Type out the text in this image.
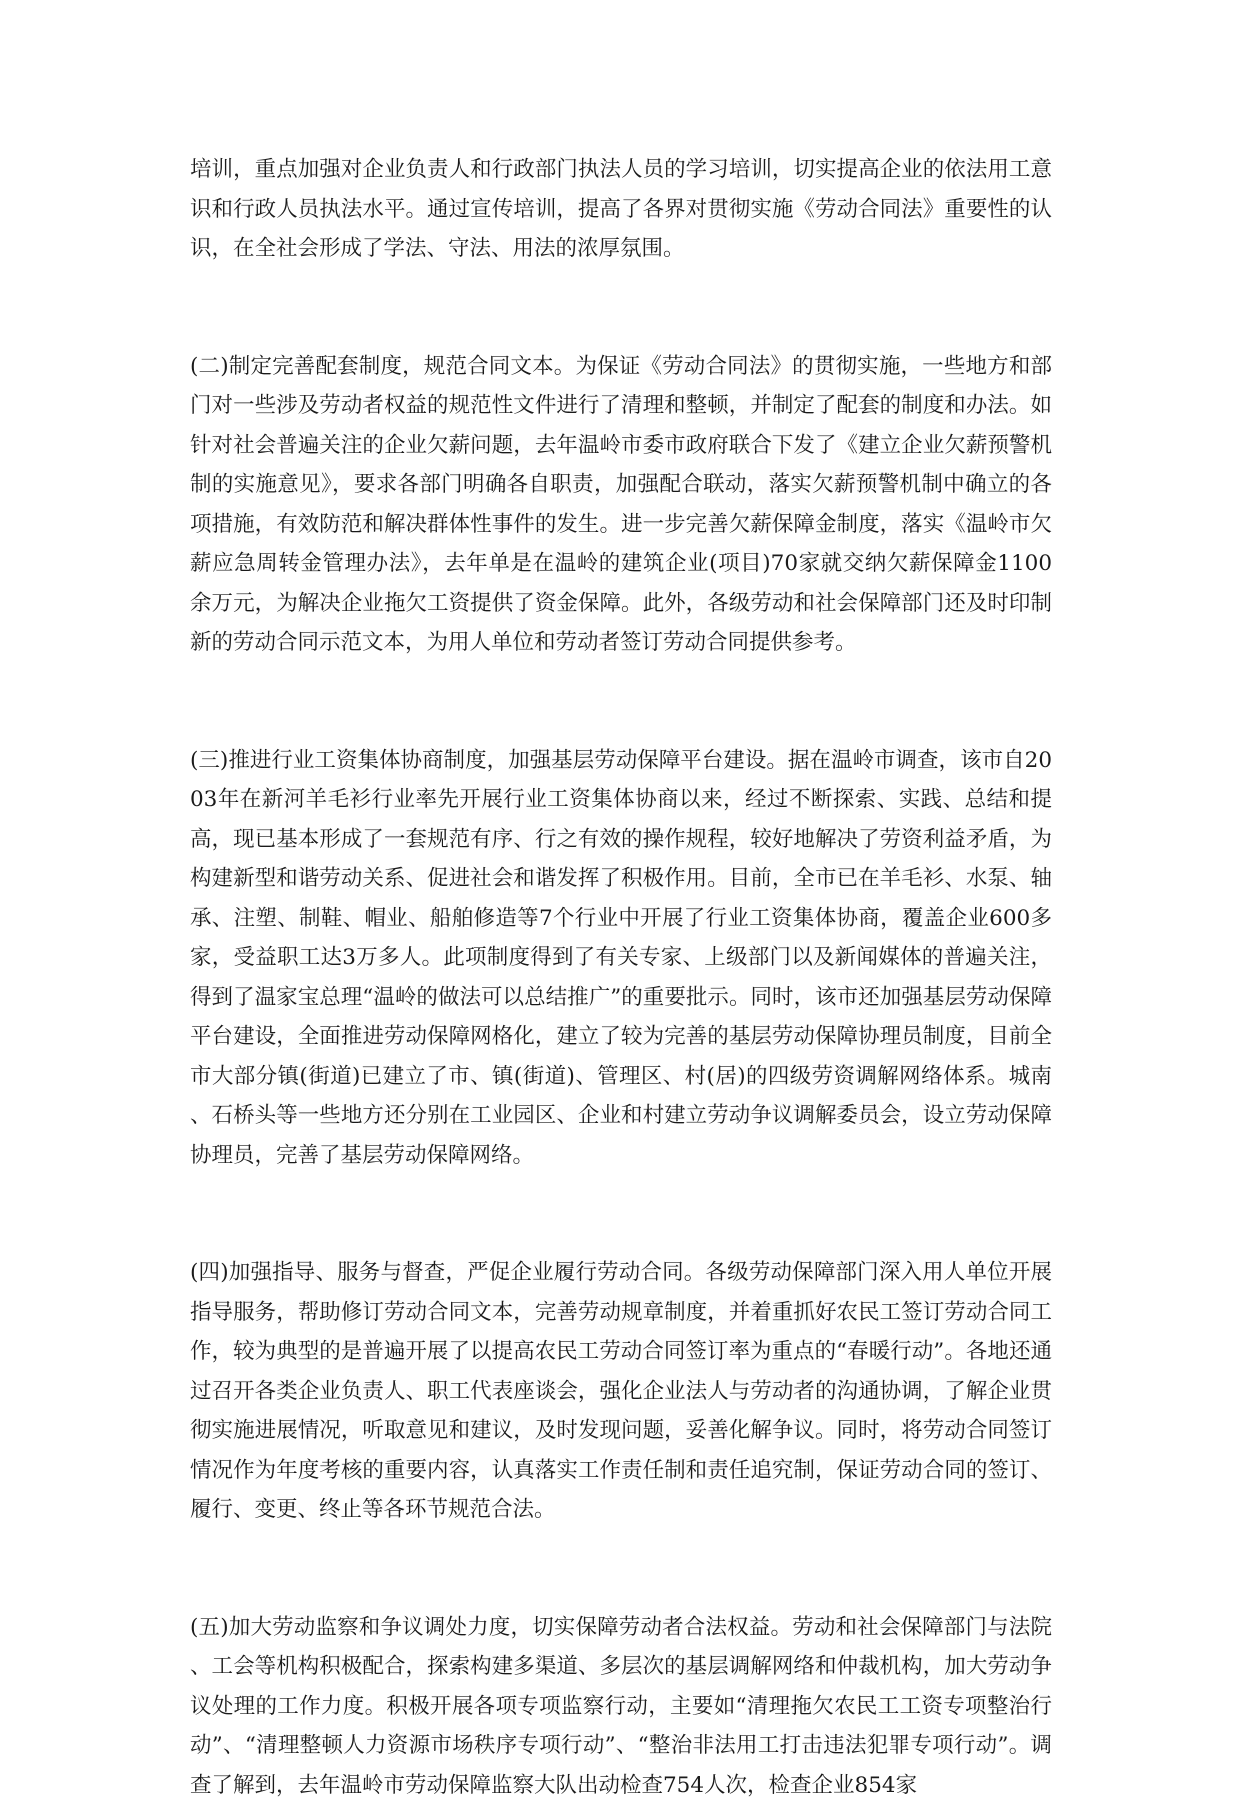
培训，重点加强对企业负责人和行政部门执法人员的学习培训，切实提高企业的依法用工意识和行政人员执法水平。通过宣传培训，提高了各界对贯彻实施《劳动合同法》重要性的认识，在全社会形成了学法、守法、用法的浓厚氛围。

(二)制定完善配套制度，规范合同文本。为保证《劳动合同法》的贯彻实施，一些地方和部门对一些涉及劳动者权益的规范性文件进行了清理和整顿，并制定了配套的制度和办法。如针对社会普遍关注的企业欠薪问题，去年温岭市委市政府联合下发了《建立企业欠薪预警机制的实施意见》，要求各部门明确各自职责，加强配合联动，落实欠薪预警机制中确立的各项措施，有效防范和解决群体性事件的发生。进一步完善欠薪保障金制度，落实《温岭市欠薪应急周转金管理办法》，去年单是在温岭的建筑企业(项目)70家就交纳欠薪保障金1100余万元，为解决企业拖欠工资提供了资金保障。此外，各级劳动和社会保障部门还及时印制新的劳动合同示范文本，为用人单位和劳动者签订劳动合同提供参考。

(三)推进行业工资集体协商制度，加强基层劳动保障平台建设。据在温岭市调查，该市自2003年在新河羊毛衫行业率先开展行业工资集体协商以来，经过不断探索、实践、总结和提高，现已基本形成了一套规范有序、行之有效的操作规程，较好地解决了劳资利益矛盾，为构建新型和谐劳动关系、促进社会和谐发挥了积极作用。目前，全市已在羊毛衫、水泵、轴承、注塑、制鞋、帽业、船舶修造等7个行业中开展了行业工资集体协商，覆盖企业600多家，受益职工达3万多人。此项制度得到了有关专家、上级部门以及新闻媒体的普遍关注，得到了温家宝总理“温岭的做法可以总结推广”的重要批示。同时，该市还加强基层劳动保障平台建设，全面推进劳动保障网格化，建立了较为完善的基层劳动保障协理员制度，目前全市大部分镇(街道)已建立了市、镇(街道)、管理区、村(居)的四级劳资调解网络体系。城南、石桥头等一些地方还分别在工业园区、企业和村建立劳动争议调解委员会，设立劳动保障协理员，完善了基层劳动保障网络。

(四)加强指导、服务与督查，严促企业履行劳动合同。各级劳动保障部门深入用人单位开展指导服务，帮助修订劳动合同文本，完善劳动规章制度，并着重抓好农民工签订劳动合同工作，较为典型的是普遍开展了以提高农民工劳动合同签订率为重点的“春暖行动”。各地还通过召开各类企业负责人、职工代表座谈会，强化企业法人与劳动者的沟通协调，了解企业贯彻实施进展情况，听取意见和建议，及时发现问题，妥善化解争议。同时，将劳动合同签订情况作为年度考核的重要内容，认真落实工作责任制和责任追究制，保证劳动合同的签订、履行、变更、终止等各环节规范合法。

(五)加大劳动监察和争议调处力度，切实保障劳动者合法权益。劳动和社会保障部门与法院、工会等机构积极配合，探索构建多渠道、多层次的基层调解网络和仲裁机构，加大劳动争议处理的工作力度。积极开展各项专项监察行动，主要如“清理拖欠农民工工资专项整治行动”、“清理整顿人力资源市场秩序专项行动”、“整治非法用工打击违法犯罪专项行动”。调查了解到，去年温岭市劳动保障监察大队出动检查754人次，检查企业854家
